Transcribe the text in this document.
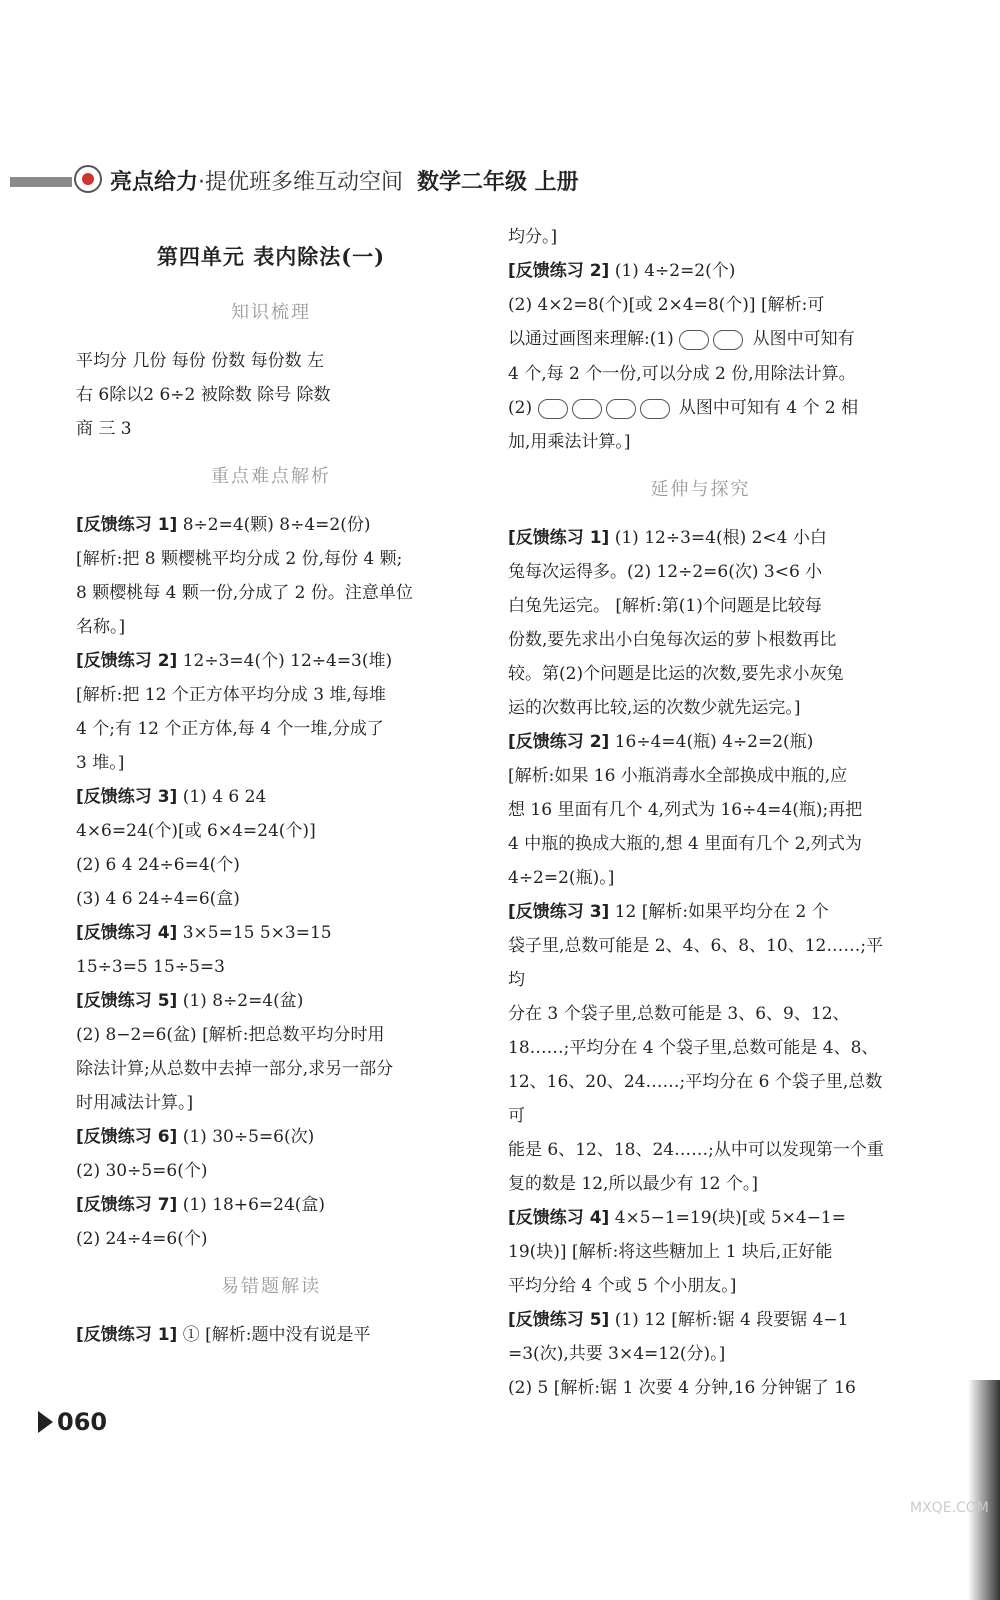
亮点给力·提优班多维互动空间 数学二年级 上册
第四单元 表内除法(一)
知识梳理

平均分 几份 每份 份数 每份数 左

右 6除以2 6÷2 被除数 除号 除数

商 三 3

重点难点解析

[反馈练习 1] 8÷2=4(颗) 8÷4=2(份)

[解析:把 8 颗樱桃平均分成 2 份,每份 4 颗;

8 颗樱桃每 4 颗一份,分成了 2 份。注意单位

名称。]

[反馈练习 2] 12÷3=4(个) 12÷4=3(堆)

[解析:把 12 个正方体平均分成 3 堆,每堆

4 个;有 12 个正方体,每 4 个一堆,分成了

3 堆。]

[反馈练习 3] (1) 4 6 24

4×6=24(个)[或 6×4=24(个)]

(2) 6 4 24÷6=4(个)

(3) 4 6 24÷4=6(盒)

[反馈练习 4] 3×5=15 5×3=15

15÷3=5 15÷5=3

[反馈练习 5] (1) 8÷2=4(盆)

(2) 8−2=6(盆) [解析:把总数平均分时用

除法计算;从总数中去掉一部分,求另一部分

时用减法计算。]

[反馈练习 6] (1) 30÷5=6(次)

(2) 30÷5=6(个)

[反馈练习 7] (1) 18+6=24(盒)

(2) 24÷4=6(个)

易错题解读

[反馈练习 1] ① [解析:题中没有说是平

均分。]

[反馈练习 2] (1) 4÷2=2(个)

(2) 4×2=8(个)[或 2×4=8(个)] [解析:可

以通过画图来理解:(1)	从图中可知有

4 个,每 2 个一份,可以分成 2 份,用除法计算。

(2)	从图中可知有 4 个 2 相

加,用乘法计算。]

延伸与探究

[反馈练习 1] (1) 12÷3=4(根) 2<4 小白

兔每次运得多。(2) 12÷2=6(次) 3<6 小

白兔先运完。 [解析:第(1)个问题是比较每

份数,要先求出小白兔每次运的萝卜根数再比

较。第(2)个问题是比运的次数,要先求小灰兔

运的次数再比较,运的次数少就先运完。]

[反馈练习 2] 16÷4=4(瓶) 4÷2=2(瓶)

[解析:如果 16 小瓶消毒水全部换成中瓶的,应

想 16 里面有几个 4,列式为 16÷4=4(瓶);再把

4 中瓶的换成大瓶的,想 4 里面有几个 2,列式为

4÷2=2(瓶)。]

[反馈练习 3] 12 [解析:如果平均分在 2 个

袋子里,总数可能是 2、4、6、8、10、12……;平均

分在 3 个袋子里,总数可能是 3、6、9、12、

18……;平均分在 4 个袋子里,总数可能是 4、8、

12、16、20、24……;平均分在 6 个袋子里,总数可

能是 6、12、18、24……;从中可以发现第一个重

复的数是 12,所以最少有 12 个。]

[反馈练习 4] 4×5−1=19(块)[或 5×4−1=

19(块)] [解析:将这些糖加上 1 块后,正好能

平均分给 4 个或 5 个小朋友。]

[反馈练习 5] (1) 12 [解析:锯 4 段要锯 4−1

=3(次),共要 3×4=12(分)。]

(2) 5 [解析:锯 1 次要 4 分钟,16 分钟锯了 16

060
MXQE.COM
